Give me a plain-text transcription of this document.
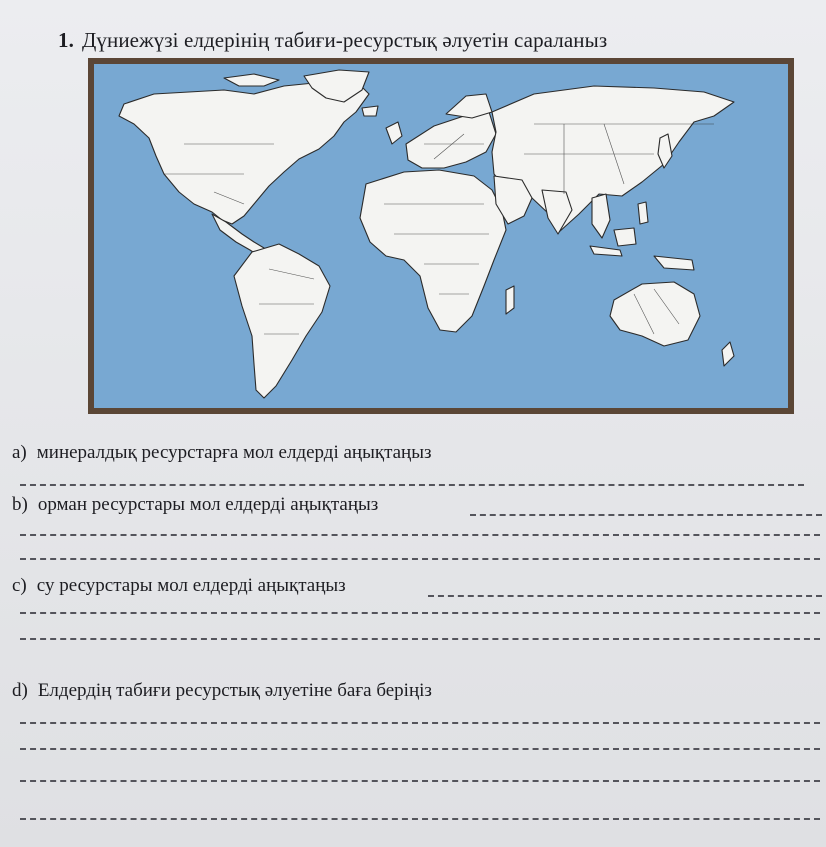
1. Дүниежүзі елдерінің табиғи-ресурстық әлуетін сараланыз
a) минералдық ресурстарға мол елдерді аңықтаңыз
b) орман ресурстары мол елдерді аңықтаңыз
c) су ресурстары мол елдерді аңықтаңыз
d) Елдердің табиғи ресурстық әлуетіне баға беріңіз
